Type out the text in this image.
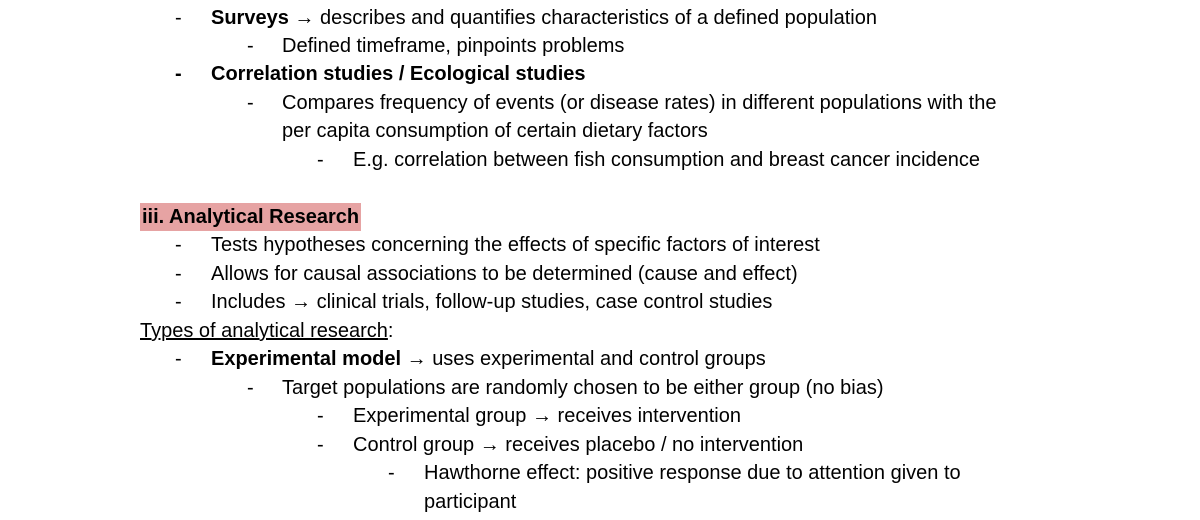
- Surveys → describes and quantifies characteristics of a defined population
- Defined timeframe, pinpoints problems
- Correlation studies / Ecological studies
- Compares frequency of events (or disease rates) in different populations with the
per capita consumption of certain dietary factors
- E.g. correlation between fish consumption and breast cancer incidence
iii. Analytical Research
- Tests hypotheses concerning the effects of specific factors of interest
- Allows for causal associations to be determined (cause and effect)
- Includes → clinical trials, follow-up studies, case control studies
Types of analytical research:
- Experimental model → uses experimental and control groups
- Target populations are randomly chosen to be either group (no bias)
- Experimental group → receives intervention
- Control group → receives placebo / no intervention
- Hawthorne effect: positive response due to attention given to
participant
